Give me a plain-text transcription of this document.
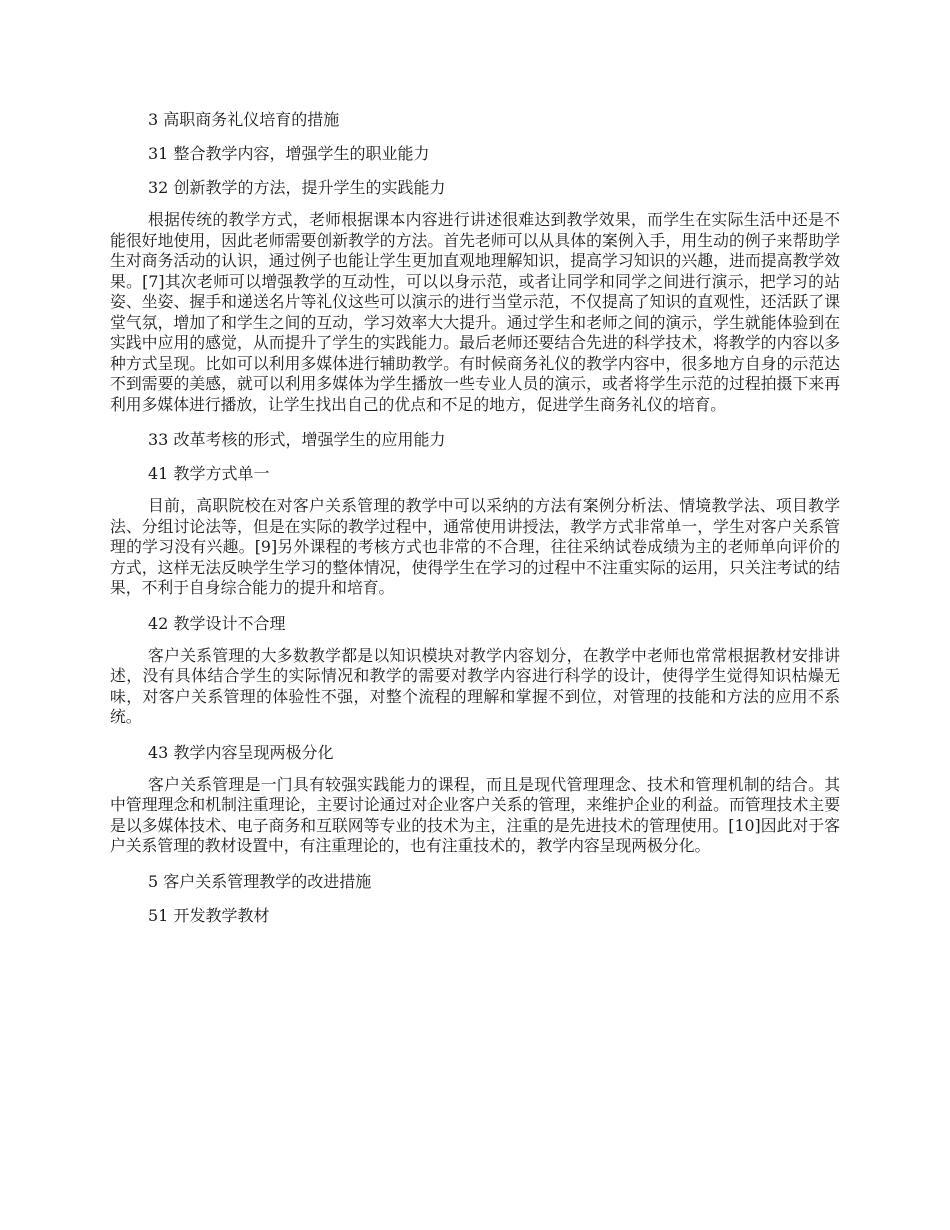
3 高职商务礼仪培育的措施
31 整合教学内容，增强学生的职业能力
32 创新教学的方法，提升学生的实践能力

根据传统的教学方式，老师根据课本内容进行讲述很难达到教学效果，而学生在实际生活中还是不能很好地使用，因此老师需要创新教学的方法。首先老师可以从具体的案例入手，用生动的例子来帮助学生对商务活动的认识，通过例子也能让学生更加直观地理解知识，提高学习知识的兴趣，进而提高教学效果。[7]其次老师可以增强教学的互动性，可以以身示范，或者让同学和同学之间进行演示，把学习的站姿、坐姿、握手和递送名片等礼仪这些可以演示的进行当堂示范，不仅提高了知识的直观性，还活跃了课堂气氛，增加了和学生之间的互动，学习效率大大提升。通过学生和老师之间的演示，学生就能体验到在实践中应用的感觉，从而提升了学生的实践能力。最后老师还要结合先进的科学技术，将教学的内容以多种方式呈现。比如可以利用多媒体进行辅助教学。有时候商务礼仪的教学内容中，很多地方自身的示范达不到需要的美感，就可以利用多媒体为学生播放一些专业人员的演示，或者将学生示范的过程拍摄下来再利用多媒体进行播放，让学生找出自己的优点和不足的地方，促进学生商务礼仪的培育。

33 改革考核的形式，增强学生的应用能力
41 教学方式单一

目前，高职院校在对客户关系管理的教学中可以采纳的方法有案例分析法、情境教学法、项目教学法、分组讨论法等，但是在实际的教学过程中，通常使用讲授法，教学方式非常单一，学生对客户关系管理的学习没有兴趣。[9]另外课程的考核方式也非常的不合理，往往采纳试卷成绩为主的老师单向评价的方式，这样无法反映学生学习的整体情况，使得学生在学习的过程中不注重实际的运用，只关注考试的结果，不利于自身综合能力的提升和培育。

42 教学设计不合理

客户关系管理的大多数教学都是以知识模块对教学内容划分，在教学中老师也常常根据教材安排讲述，没有具体结合学生的实际情况和教学的需要对教学内容进行科学的设计，使得学生觉得知识枯燥无味，对客户关系管理的体验性不强，对整个流程的理解和掌握不到位，对管理的技能和方法的应用不系统。

43 教学内容呈现两极分化

客户关系管理是一门具有较强实践能力的课程，而且是现代管理理念、技术和管理机制的结合。其中管理理念和机制注重理论，主要讨论通过对企业客户关系的管理，来维护企业的利益。而管理技术主要是以多媒体技术、电子商务和互联网等专业的技术为主，注重的是先进技术的管理使用。[10]因此对于客户关系管理的教材设置中，有注重理论的，也有注重技术的，教学内容呈现两极分化。

5 客户关系管理教学的改进措施
51 开发教学教材
